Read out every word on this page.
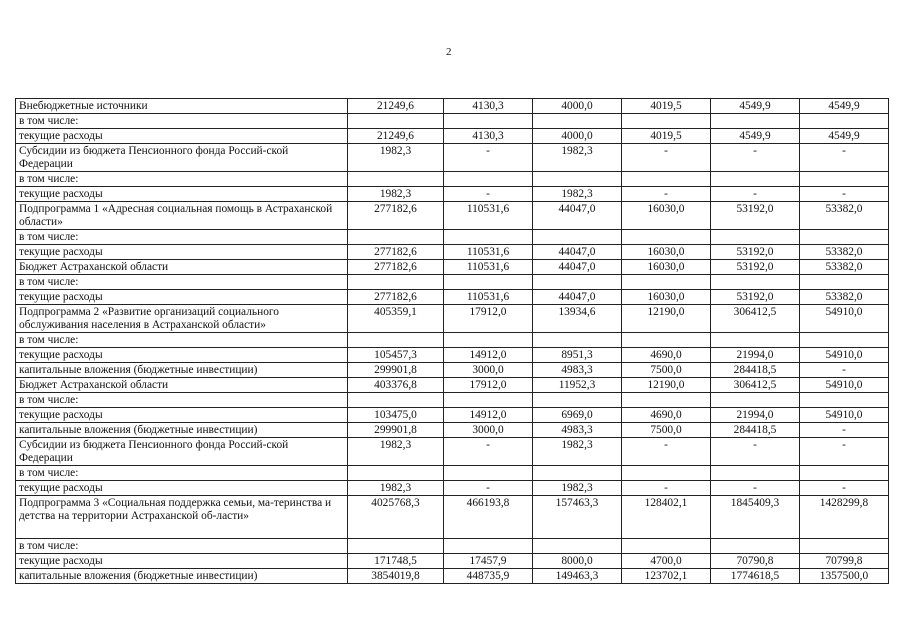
2
Внебюджетные источники	21249,6	4130,3	4000,0	4019,5	4549,9	4549,9
в том числе:						
текущие расходы	21249,6	4130,3	4000,0	4019,5	4549,9	4549,9
Субсидии из бюджета Пенсионного фонда Россий-ской Федерации	1982,3	-	1982,3	-	-	-
в том числе:						
текущие расходы	1982,3	-	1982,3	-	-	-
Подпрограмма 1 «Адресная социальная помощь в Астраханской области»	277182,6	110531,6	44047,0	16030,0	53192,0	53382,0
в том числе:						
текущие расходы	277182,6	110531,6	44047,0	16030,0	53192,0	53382,0
Бюджет Астраханской области	277182,6	110531,6	44047,0	16030,0	53192,0	53382,0
в том числе:						
текущие расходы	277182,6	110531,6	44047,0	16030,0	53192,0	53382,0
Подпрограмма 2 «Развитие организаций социального обслуживания населения в Астраханской области»	405359,1	17912,0	13934,6	12190,0	306412,5	54910,0
в том числе:						
текущие расходы	105457,3	14912,0	8951,3	4690,0	21994,0	54910,0
капитальные вложения (бюджетные инвестиции)	299901,8	3000,0	4983,3	7500,0	284418,5	-
Бюджет Астраханской области	403376,8	17912,0	11952,3	12190,0	306412,5	54910,0
в том числе:						
текущие расходы	103475,0	14912,0	6969,0	4690,0	21994,0	54910,0
капитальные вложения (бюджетные инвестиции)	299901,8	3000,0	4983,3	7500,0	284418,5	-
Субсидии из бюджета Пенсионного фонда Россий-ской Федерации	1982,3	-	1982,3	-	-	-
в том числе:						
текущие расходы	1982,3	-	1982,3	-	-	-
Подпрограмма 3 «Социальная поддержка семьи, ма-теринства и детства на территории Астраханской об-ласти»	4025768,3	466193,8	157463,3	128402,1	1845409,3	1428299,8
в том числе:						
текущие расходы	171748,5	17457,9	8000,0	4700,0	70790,8	70799,8
капитальные вложения (бюджетные инвестиции)	3854019,8	448735,9	149463,3	123702,1	1774618,5	1357500,0
